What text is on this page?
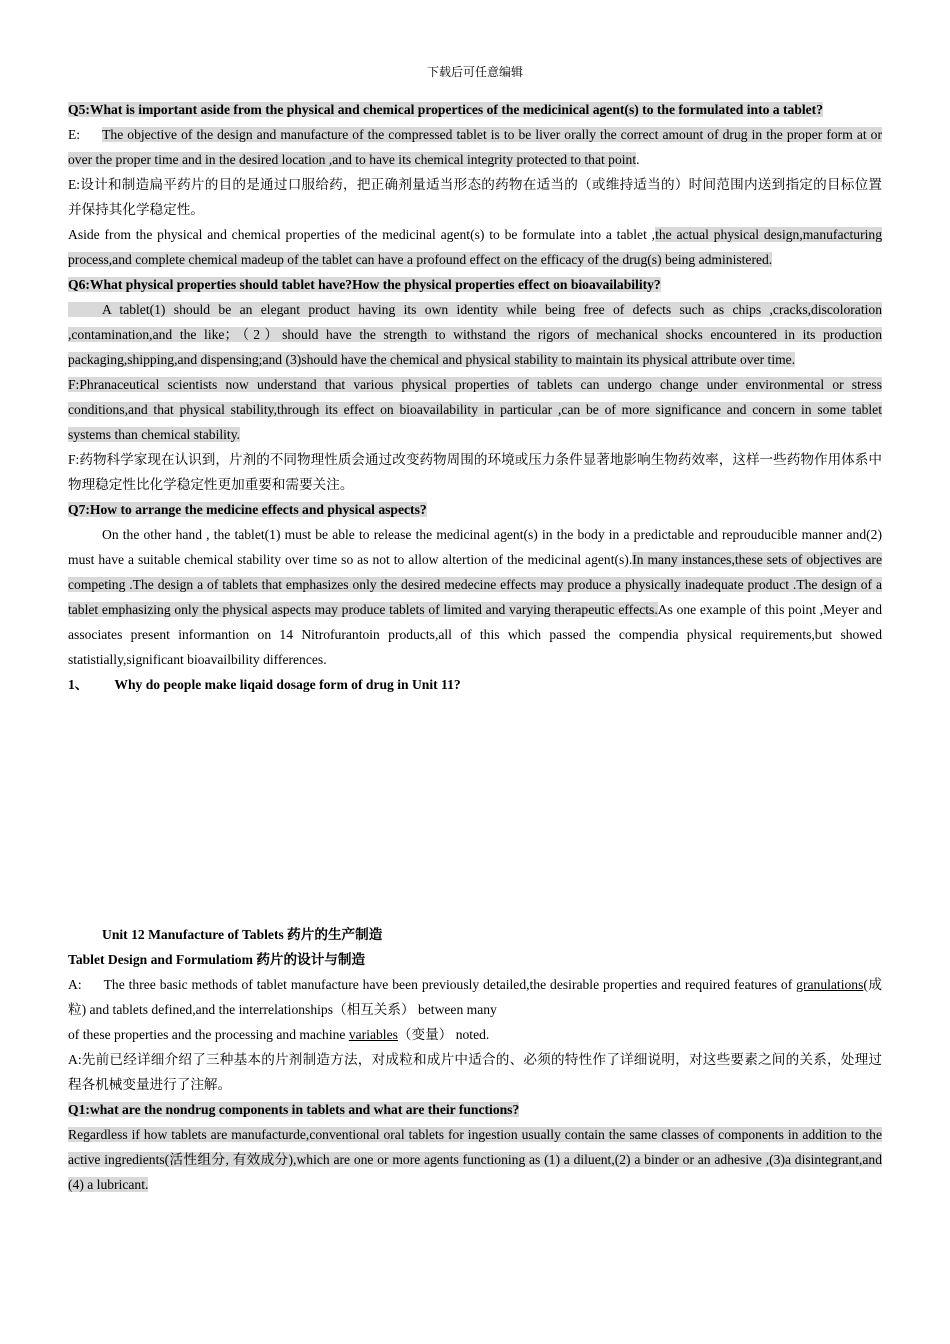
下载后可任意编辑

Q5:What is important aside from the physical and chemical propertices of the medicinical agent(s) to the formulated into a tablet?

E: The objective of the design and manufacture of the compressed tablet is to be liver orally the correct amount of drug in the proper form at or over the proper time and in the desired location ,and to have its chemical integrity protected to that point.

E:设计和制造扁平药片的目的是通过口服给药，把正确剂量适当形态的药物在适当的（或维持适当的）时间范围内送到指定的目标位置并保持其化学稳定性。

Aside from the physical and chemical properties of the medicinal agent(s) to be formulate into a tablet ,the actual physical design,manufacturing process,and complete chemical madeup of the tablet can have a profound effect on the efficacy of the drug(s) being administered.

Q6:What physical properties should tablet have?How the physical properties effect on bioavailability?

A tablet(1) should be an elegant product having its own identity while being free of defects such as chips ,cracks,discoloration ,contamination,and the like；（2）should have the strength to withstand the rigors of mechanical shocks encountered in its production packaging,shipping,and dispensing;and (3)should have the chemical and physical stability to maintain its physical attribute over time.

F:Phranaceutical scientists now understand that various physical properties of tablets can undergo change under environmental or stress conditions,and that physical stability,through its effect on bioavailability in particular ,can be of more significance and concern in some tablet systems than chemical stability.

F:药物科学家现在认识到，片剂的不同物理性质会通过改变药物周围的环境或压力条件显著地影响生物药效率，这样一些药物作用体系中物理稳定性比化学稳定性更加重要和需要关注。

Q7:How to arrange the medicine effects and physical aspects?

On the other hand , the tablet(1) must be able to release the medicinal agent(s) in the body in a predictable and reprouducible manner and(2) must have a suitable chemical stability over time so as not to allow altertion of the medicinal agent(s).In many instances,these sets of objectives are competing .The design a of tablets that emphasizes only the desired medecine effects may produce a physically inadequate product .The design of a tablet emphasizing only the physical aspects may produce tablets of limited and varying therapeutic effects.As one example of this point ,Meyer and associates present informantion on 14 Nitrofurantoin products,all of this which passed the compendia physical requirements,but showed statistially,significant bioavailbility differences.

1、 Why do people make liqaid dosage form of drug in Unit 11?

Unit 12 Manufacture of Tablets 药片的生产制造

Tablet Design and Formulatiom 药片的设计与制造

A: The three basic methods of tablet manufacture have been previously detailed,the desirable properties and required features of granulations(成粒) and tablets defined,and the interrelationships（相互关系） between many

of these properties and the processing and machine variables（变量） noted.

A:先前已经详细介绍了三种基本的片剂制造方法，对成粒和成片中适合的、必须的特性作了详细说明，对这些要素之间的关系，处理过程各机械变量进行了注解。

Q1:what are the nondrug components in tablets and what are their functions?

Regardless if how tablets are manufacturde,conventional oral tablets for ingestion usually contain the same classes of components in addition to the active ingredients(活性组分, 有效成分),which are one or more agents functioning as (1) a diluent,(2) a binder or an adhesive ,(3)a disintegrant,and (4) a lubricant.
